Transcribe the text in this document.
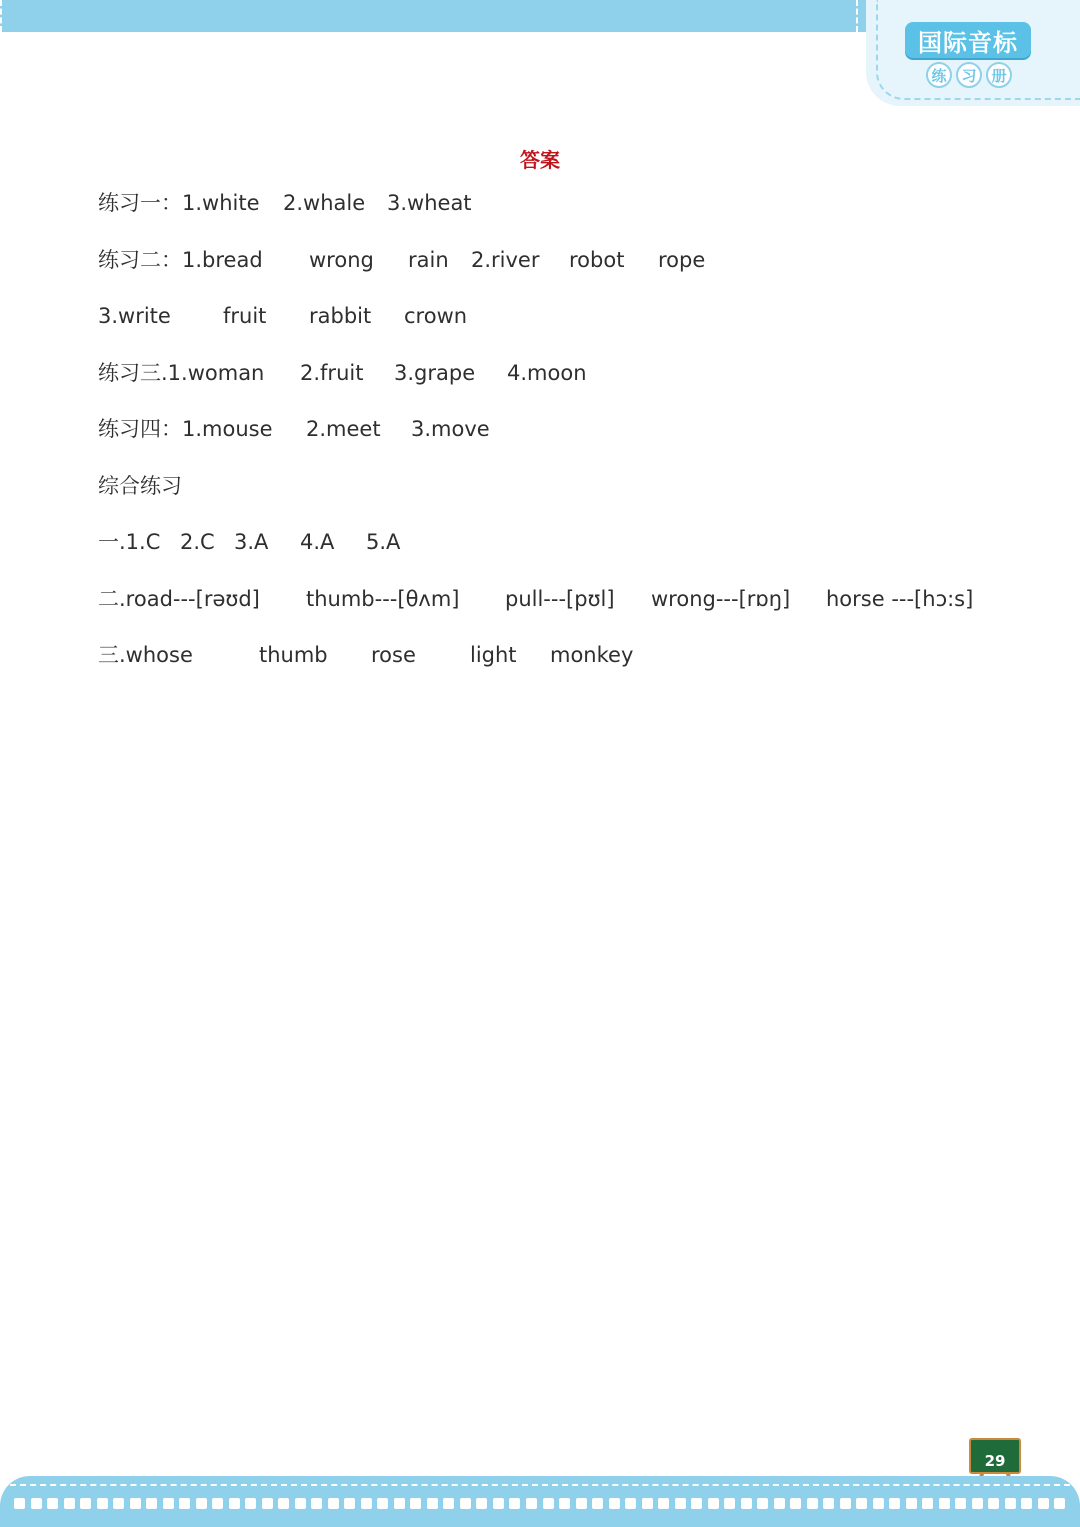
国际音标
练 习 册
答案
练习一：1.white 2.whale 3.wheat
练习二：1.bread wrong rain 2.river robot rope
3.write fruit rabbit crown
练习三.1.woman 2.fruit 3.grape 4.moon
练习四：1.mouse 2.meet 3.move
综合练习
一.1.C 2.C 3.A 4.A 5.A
二.road---[rəʊd] thumb---[θʌm] pull---[pʊl] wrong---[rɒŋ] horse ---[hɔ:s]
三.whose	thumb rose	light monkey
29
